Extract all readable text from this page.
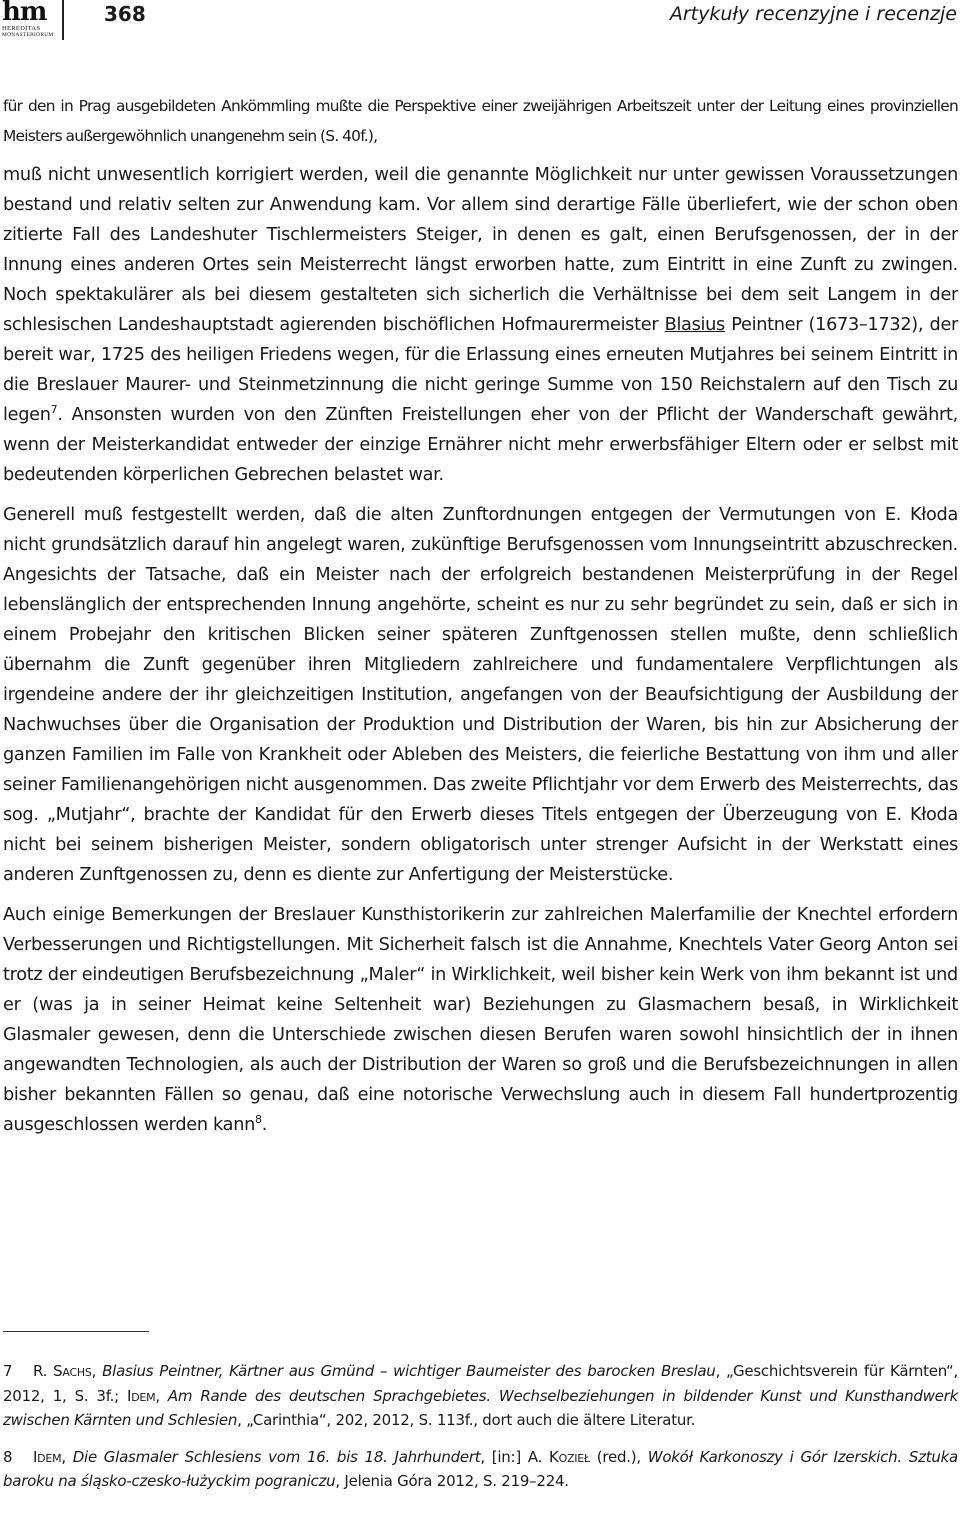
hm
HEREDITAS
MONASTERIORUM
368	Artykuły recenzyjne i recenzje

für den in Prag ausgebildeten Ankömmling mußte die Perspektive einer zweijährigen Arbeitszeit unter der Leitung eines provinziellen Meisters außergewöhnlich unangenehm sein (S. 40f.),

muß nicht unwesentlich korrigiert werden, weil die genannte Möglichkeit nur unter gewissen Voraussetzungen bestand und relativ selten zur Anwendung kam. Vor allem sind derartige Fälle überliefert, wie der schon oben zitierte Fall des Landeshuter Tischlermeisters Steiger, in denen es galt, einen Berufsgenossen, der in der Innung eines anderen Ortes sein Meisterrecht längst erworben hatte, zum Eintritt in eine Zunft zu zwingen. Noch spektakulärer als bei diesem gestalteten sich sicherlich die Verhältnisse bei dem seit Langem in der schlesischen Landeshauptstadt agierenden bischöflichen Hofmaurermeister Blasius Peintner (1673–1732), der bereit war, 1725 des heiligen Friedens wegen, für die Erlassung eines erneuten Mutjahres bei seinem Eintritt in die Breslauer Maurer- und Steinmetzinnung die nicht geringe Summe von 150 Reichstalern auf den Tisch zu legen$^7$. Ansonsten wurden von den Zünften Freistellungen eher von der Pflicht der Wanderschaft gewährt, wenn der Meisterkandidat entweder der einzige Ernährer nicht mehr erwerbsfähiger Eltern oder er selbst mit bedeutenden körperlichen Gebrechen belastet war.

Generell muß festgestellt werden, daß die alten Zunftordnungen entgegen der Vermutungen von E. Kłoda nicht grundsätzlich darauf hin angelegt waren, zukünftige Berufsgenossen vom Innungseintritt abzuschrecken. Angesichts der Tatsache, daß ein Meister nach der erfolgreich bestandenen Meisterprüfung in der Regel lebenslänglich der entsprechenden Innung angehörte, scheint es nur zu sehr begründet zu sein, daß er sich in einem Probejahr den kritischen Blicken seiner späteren Zunftgenossen stellen mußte, denn schließlich übernahm die Zunft gegenüber ihren Mitgliedern zahlreichere und fundamentalere Verpflichtungen als irgendeine andere der ihr gleichzeitigen Institution, angefangen von der Beaufsichtigung der Ausbildung der Nachwuchses über die Organisation der Produktion und Distribution der Waren, bis hin zur Absicherung der ganzen Familien im Falle von Krankheit oder Ableben des Meisters, die feierliche Bestattung von ihm und aller seiner Familienangehörigen nicht ausgenommen. Das zweite Pflichtjahr vor dem Erwerb des Meisterrechts, das sog. „Mutjahr“, brachte der Kandidat für den Erwerb dieses Titels entgegen der Überzeugung von E. Kłoda nicht bei seinem bisherigen Meister, sondern obligatorisch unter strenger Aufsicht in der Werkstatt eines anderen Zunftgenossen zu, denn es diente zur Anfertigung der Meisterstücke.

Auch einige Bemerkungen der Breslauer Kunsthistorikerin zur zahlreichen Malerfamilie der Knechtel erfordern Verbesserungen und Richtigstellungen. Mit Sicherheit falsch ist die Annahme, Knechtels Vater Georg Anton sei trotz der eindeutigen Berufsbezeichnung „Maler“ in Wirklichkeit, weil bisher kein Werk von ihm bekannt ist und er (was ja in seiner Heimat keine Seltenheit war) Beziehungen zu Glasmachern besaß, in Wirklichkeit Glasmaler gewesen, denn die Unterschiede zwischen diesen Berufen waren sowohl hinsichtlich der in ihnen angewandten Technologien, als auch der Distribution der Waren so groß und die Berufsbezeichnungen in allen bisher bekannten Fällen so genau, daß eine notorische Verwechslung auch in diesem Fall hundertprozentig ausgeschlossen werden kann$^8$.

7 R. Sachs, Blasius Peintner, Kärtner aus Gmünd – wichtiger Baumeister des barocken Breslau, „Geschichtsverein für Kärnten“, 2012, 1, S. 3f.; Idem, Am Rande des deutschen Sprachgebietes. Wechselbeziehungen in bildender Kunst und Kunsthandwerk zwischen Kärnten und Schlesien, „Carinthia“, 202, 2012, S. 113f., dort auch die ältere Literatur.

8 Idem, Die Glasmaler Schlesiens vom 16. bis 18. Jahrhundert, [in:] A. Kozieł (red.), Wokół Karkonoszy i Gór Izerskich. Sztuka baroku na śląsko-czesko-łużyckim pograniczu, Jelenia Góra 2012, S. 219–224.
